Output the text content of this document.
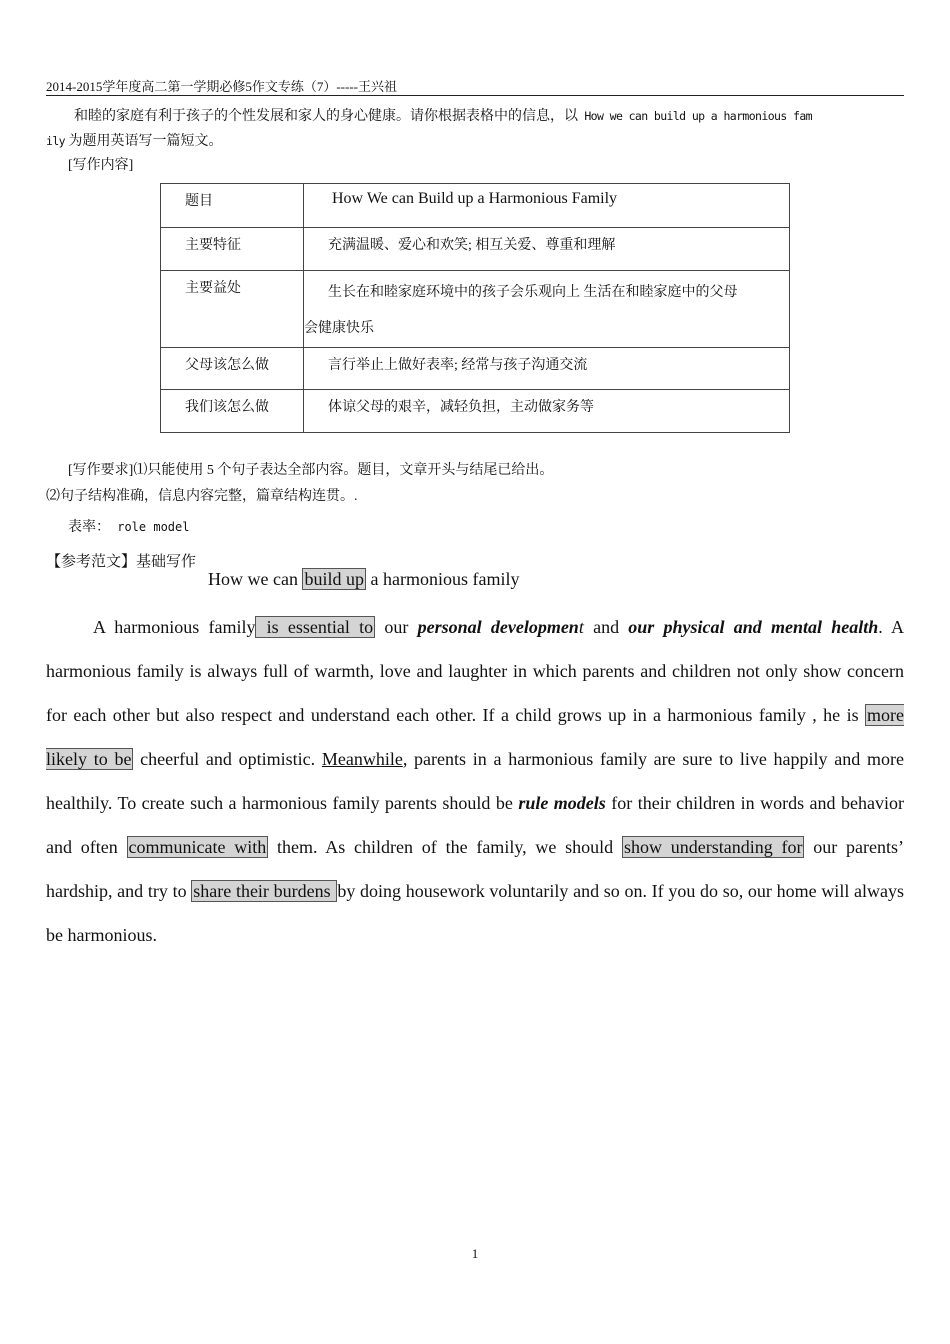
2014-2015学年度高二第一学期必修5作文专练（7）-----王兴祖
和睦的家庭有利于孩子的个性发展和家人的身心健康。请你根据表格中的信息，以 How we can build up a harmonious fam
ily 为题用英语写一篇短文。
[写作内容]
题目	How We can Build up a Harmonious Family
主要特征	充满温暖、爱心和欢笑; 相互关爱、尊重和理解
主要益处	生长在和睦家庭环境中的孩子会乐观向上 生活在和睦家庭中的父母
会健康快乐
父母该怎么做	言行举止上做好表率; 经常与孩子沟通交流
我们该怎么做	体谅父母的艰辛，减轻负担，主动做家务等
[写作要求]⑴只能使用 5 个句子表达全部内容。题目，文章开头与结尾已给出。
⑵句子结构准确，信息内容完整，篇章结构连贯。.
表率： role model
【参考范文】基础写作
How we can build up a harmonious family

A harmonious family is essential to our personal development and our physical and mental health. A harmonious family is always full of warmth, love and laughter in which parents and children not only show concern for each other but also respect and understand each other. If a child grows up in a harmonious family , he is more likely to be cheerful and optimistic. Meanwhile, parents in a harmonious family are sure to live happily and more healthily. To create such a harmonious family parents should be rule models for their children in words and behavior and often communicate with them. As children of the family, we should show understanding for our parents’ hardship, and try to share their burdens by doing housework voluntarily and so on. If you do so, our home will always be harmonious.

1
